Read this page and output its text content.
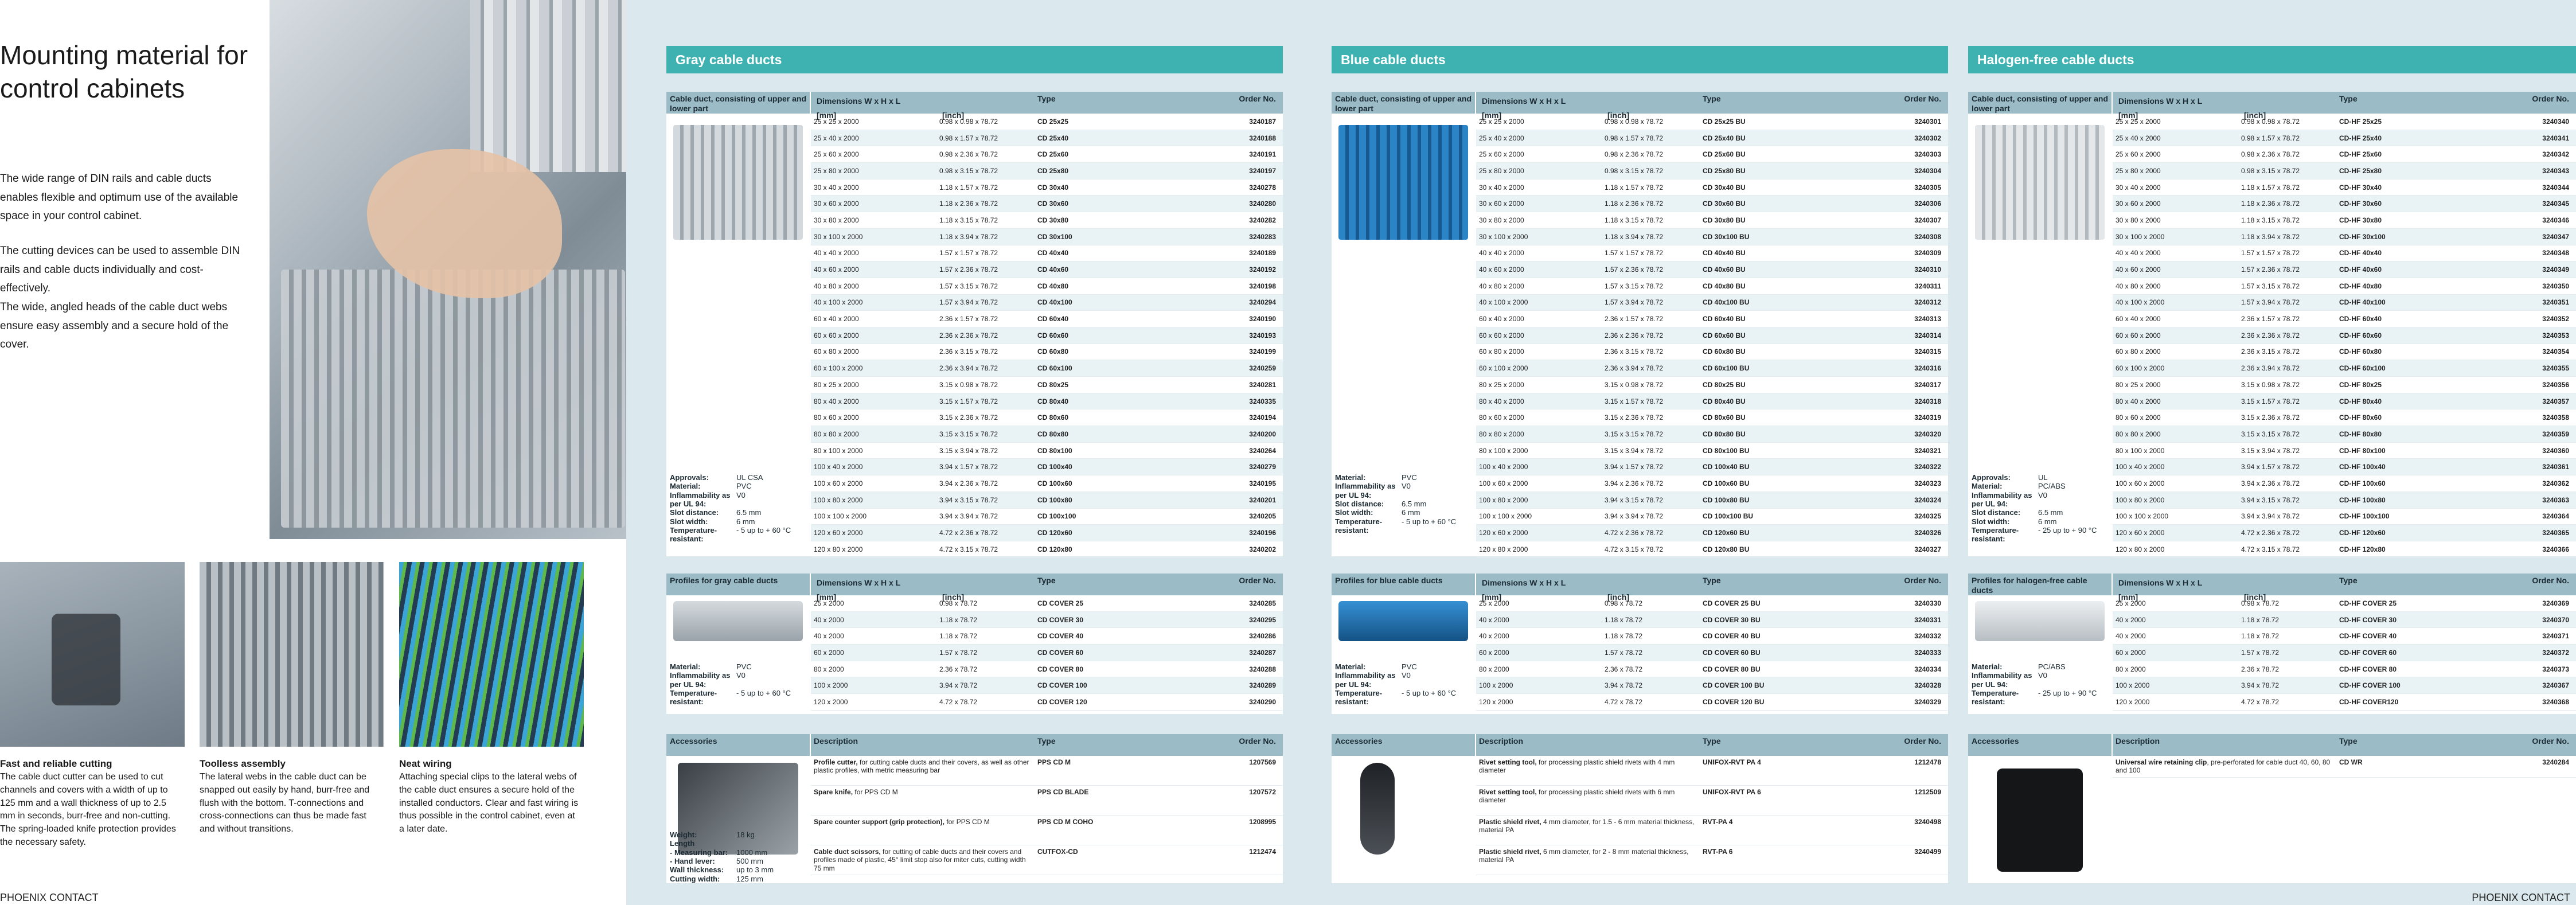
Mounting material for control cabinets

The wide range of DIN rails and cable ducts enables flexible and optimum use of the available space in your control cabinet.

The cutting devices can be used to assemble DIN rails and cable ducts individually and cost-effectively.

The wide, angled heads of the cable duct webs ensure easy assembly and a secure hold of the cover.

Fast and reliable cutting
The cable duct cutter can be used to cut channels and covers with a width of up to 125 mm and a wall thickness of up to 2.5 mm in seconds, burr-free and non-cutting. The spring-loaded knife protection provides the necessary safety.
Toolless assembly
The lateral webs in the cable duct can be snapped out easily by hand, burr-free and flush with the bottom. T-connections and cross-connections can thus be made fast and without transitions.
Neat wiring
Attaching special clips to the lateral webs of the cable duct ensures a secure hold of the installed conductors. Clear and fast wiring is thus possible in the control cabinet, even at a later date.
PHOENIX CONTACT
Gray cable ducts
Cable duct, consisting of upper and lower part
Approvals:	UL CSA
Material:	PVC
Inflammability as per UL 94:
V0
Slot distance:	6.5 mm
Slot width:	6 mm
Temperature-resistant:
- 5 up to + 60 °C
Dimensions W x H x L
[mm]	[inch]
Type	Order No.
25 x 25 x 2000	0.98 x 0.98 x 78.72	CD 25x25	3240187
25 x 40 x 2000	0.98 x 1.57 x 78.72	CD 25x40	3240188
25 x 60 x 2000	0.98 x 2.36 x 78.72	CD 25x60	3240191
25 x 80 x 2000	0.98 x 3.15 x 78.72	CD 25x80	3240197
30 x 40 x 2000	1.18 x 1.57 x 78.72	CD 30x40	3240278
30 x 60 x 2000	1.18 x 2.36 x 78.72	CD 30x60	3240280
30 x 80 x 2000	1.18 x 3.15 x 78.72	CD 30x80	3240282
30 x 100 x 2000	1.18 x 3.94 x 78.72	CD 30x100	3240283
40 x 40 x 2000	1.57 x 1.57 x 78.72	CD 40x40	3240189
40 x 60 x 2000	1.57 x 2.36 x 78.72	CD 40x60	3240192
40 x 80 x 2000	1.57 x 3.15 x 78.72	CD 40x80	3240198
40 x 100 x 2000	1.57 x 3.94 x 78.72	CD 40x100	3240294
60 x 40 x 2000	2.36 x 1.57 x 78.72	CD 60x40	3240190
60 x 60 x 2000	2.36 x 2.36 x 78.72	CD 60x60	3240193
60 x 80 x 2000	2.36 x 3.15 x 78.72	CD 60x80	3240199
60 x 100 x 2000	2.36 x 3.94 x 78.72	CD 60x100	3240259
80 x 25 x 2000	3.15 x 0.98 x 78.72	CD 80x25	3240281
80 x 40 x 2000	3.15 x 1.57 x 78.72	CD 80x40	3240335
80 x 60 x 2000	3.15 x 2.36 x 78.72	CD 80x60	3240194
80 x 80 x 2000	3.15 x 3.15 x 78.72	CD 80x80	3240200
80 x 100 x 2000	3.15 x 3.94 x 78.72	CD 80x100	3240264
100 x 40 x 2000	3.94 x 1.57 x 78.72	CD 100x40	3240279
100 x 60 x 2000	3.94 x 2.36 x 78.72	CD 100x60	3240195
100 x 80 x 2000	3.94 x 3.15 x 78.72	CD 100x80	3240201
100 x 100 x 2000	3.94 x 3.94 x 78.72	CD 100x100	3240205
120 x 60 x 2000	4.72 x 2.36 x 78.72	CD 120x60	3240196
120 x 80 x 2000	4.72 x 3.15 x 78.72	CD 120x80	3240202
Profiles for gray cable ducts
Material:	PVC
Inflammability as per UL 94:
V0
Temperature-resistant:
- 5 up to + 60 °C
Dimensions W x H x L
[mm]	[inch]
Type	Order No.
25 x 2000	0.98 x 78.72	CD COVER 25	3240285
40 x 2000	1.18 x 78.72	CD COVER 30	3240295
40 x 2000	1.18 x 78.72	CD COVER 40	3240286
60 x 2000	1.57 x 78.72	CD COVER 60	3240287
80 x 2000	2.36 x 78.72	CD COVER 80	3240288
100 x 2000	3.94 x 78.72	CD COVER 100	3240289
120 x 2000	4.72 x 78.72	CD COVER 120	3240290
Accessories
Weight:	18 kg
Length
- Measuring bar:	1000 mm
- Hand lever:	500 mm
Wall thickness:	up to 3 mm
Cutting width:	125 mm
Description	Type	Order No.
Profile cutter, for cutting cable ducts and their covers, as well as other plastic profiles, with metric measuring bar
PPS CD M	1207569
Spare knife, for PPS CD M	PPS CD BLADE	1207572
Spare counter support (grip protection), for PPS CD M	PPS CD M COHO	1208995
Cable duct scissors, for cutting of cable ducts and their covers and profiles made of plastic, 45° limit stop also for miter cuts, cutting width 75 mm
CUTFOX-CD	1212474
Blue cable ducts
Cable duct, consisting of upper and lower part
Material:	PVC
Inflammability as per UL 94:
V0
Slot distance:	6.5 mm
Slot width:	6 mm
Temperature-resistant:
- 5 up to + 60 °C
Dimensions W x H x L
[mm]	[inch]
Type	Order No.
25 x 25 x 2000	0.98 x 0.98 x 78.72	CD 25x25 BU	3240301
25 x 40 x 2000	0.98 x 1.57 x 78.72	CD 25x40 BU	3240302
25 x 60 x 2000	0.98 x 2.36 x 78.72	CD 25x60 BU	3240303
25 x 80 x 2000	0.98 x 3.15 x 78.72	CD 25x80 BU	3240304
30 x 40 x 2000	1.18 x 1.57 x 78.72	CD 30x40 BU	3240305
30 x 60 x 2000	1.18 x 2.36 x 78.72	CD 30x60 BU	3240306
30 x 80 x 2000	1.18 x 3.15 x 78.72	CD 30x80 BU	3240307
30 x 100 x 2000	1.18 x 3.94 x 78.72	CD 30x100 BU	3240308
40 x 40 x 2000	1.57 x 1.57 x 78.72	CD 40x40 BU	3240309
40 x 60 x 2000	1.57 x 2.36 x 78.72	CD 40x60 BU	3240310
40 x 80 x 2000	1.57 x 3.15 x 78.72	CD 40x80 BU	3240311
40 x 100 x 2000	1.57 x 3.94 x 78.72	CD 40x100 BU	3240312
60 x 40 x 2000	2.36 x 1.57 x 78.72	CD 60x40 BU	3240313
60 x 60 x 2000	2.36 x 2.36 x 78.72	CD 60x60 BU	3240314
60 x 80 x 2000	2.36 x 3.15 x 78.72	CD 60x80 BU	3240315
60 x 100 x 2000	2.36 x 3.94 x 78.72	CD 60x100 BU	3240316
80 x 25 x 2000	3.15 x 0.98 x 78.72	CD 80x25 BU	3240317
80 x 40 x 2000	3.15 x 1.57 x 78.72	CD 80x40 BU	3240318
80 x 60 x 2000	3.15 x 2.36 x 78.72	CD 80x60 BU	3240319
80 x 80 x 2000	3.15 x 3.15 x 78.72	CD 80x80 BU	3240320
80 x 100 x 2000	3.15 x 3.94 x 78.72	CD 80x100 BU	3240321
100 x 40 x 2000	3.94 x 1.57 x 78.72	CD 100x40 BU	3240322
100 x 60 x 2000	3.94 x 2.36 x 78.72	CD 100x60 BU	3240323
100 x 80 x 2000	3.94 x 3.15 x 78.72	CD 100x80 BU	3240324
100 x 100 x 2000	3.94 x 3.94 x 78.72	CD 100x100 BU	3240325
120 x 60 x 2000	4.72 x 2.36 x 78.72	CD 120x60 BU	3240326
120 x 80 x 2000	4.72 x 3.15 x 78.72	CD 120x80 BU	3240327
Profiles for blue cable ducts
Material:	PVC
Inflammability as per UL 94:
V0
Temperature-resistant:
- 5 up to + 60 °C
Dimensions W x H x L
[mm]	[inch]
Type	Order No.
25 x 2000	0.98 x 78.72	CD COVER 25 BU	3240330
40 x 2000	1.18 x 78.72	CD COVER 30 BU	3240331
40 x 2000	1.18 x 78.72	CD COVER 40 BU	3240332
60 x 2000	1.57 x 78.72	CD COVER 60 BU	3240333
80 x 2000	2.36 x 78.72	CD COVER 80 BU	3240334
100 x 2000	3.94 x 78.72	CD COVER 100 BU	3240328
120 x 2000	4.72 x 78.72	CD COVER 120 BU	3240329
Accessories	Description	Type	Order No.
Rivet setting tool, for processing plastic shield rivets with 4 mm diameter
UNIFOX-RVT PA 4	1212478
Rivet setting tool, for processing plastic shield rivets with 6 mm diameter
UNIFOX-RVT PA 6	1212509
Plastic shield rivet, 4 mm diameter, for 1.5 - 6 mm material thickness, material PA
RVT-PA 4	3240498
Plastic shield rivet, 6 mm diameter, for 2 - 8 mm material thickness, material PA
RVT-PA 6	3240499
PHOENIX CONTACT
Halogen-free cable ducts
Cable duct, consisting of upper and lower part
Approvals:	UL
Material:	PC/ABS
Inflammability as per UL 94:
V0
Slot distance:	6.5 mm
Slot width:	6 mm
Temperature-resistant:
- 25 up to + 90 °C
Dimensions W x H x L
[mm]	[inch]
Type	Order No.
25 x 25 x 2000	0.98 x 0.98 x 78.72	CD-HF 25x25	3240340
25 x 40 x 2000	0.98 x 1.57 x 78.72	CD-HF 25x40	3240341
25 x 60 x 2000	0.98 x 2.36 x 78.72	CD-HF 25x60	3240342
25 x 80 x 2000	0.98 x 3.15 x 78.72	CD-HF 25x80	3240343
30 x 40 x 2000	1.18 x 1.57 x 78.72	CD-HF 30x40	3240344
30 x 60 x 2000	1.18 x 2.36 x 78.72	CD-HF 30x60	3240345
30 x 80 x 2000	1.18 x 3.15 x 78.72	CD-HF 30x80	3240346
30 x 100 x 2000	1.18 x 3.94 x 78.72	CD-HF 30x100	3240347
40 x 40 x 2000	1.57 x 1.57 x 78.72	CD-HF 40x40	3240348
40 x 60 x 2000	1.57 x 2.36 x 78.72	CD-HF 40x60	3240349
40 x 80 x 2000	1.57 x 3.15 x 78.72	CD-HF 40x80	3240350
40 x 100 x 2000	1.57 x 3.94 x 78.72	CD-HF 40x100	3240351
60 x 40 x 2000	2.36 x 1.57 x 78.72	CD-HF 60x40	3240352
60 x 60 x 2000	2.36 x 2.36 x 78.72	CD-HF 60x60	3240353
60 x 80 x 2000	2.36 x 3.15 x 78.72	CD-HF 60x80	3240354
60 x 100 x 2000	2.36 x 3.94 x 78.72	CD-HF 60x100	3240355
80 x 25 x 2000	3.15 x 0.98 x 78.72	CD-HF 80x25	3240356
80 x 40 x 2000	3.15 x 1.57 x 78.72	CD-HF 80x40	3240357
80 x 60 x 2000	3.15 x 2.36 x 78.72	CD-HF 80x60	3240358
80 x 80 x 2000	3.15 x 3.15 x 78.72	CD-HF 80x80	3240359
80 x 100 x 2000	3.15 x 3.94 x 78.72	CD-HF 80x100	3240360
100 x 40 x 2000	3.94 x 1.57 x 78.72	CD-HF 100x40	3240361
100 x 60 x 2000	3.94 x 2.36 x 78.72	CD-HF 100x60	3240362
100 x 80 x 2000	3.94 x 3.15 x 78.72	CD-HF 100x80	3240363
100 x 100 x 2000	3.94 x 3.94 x 78.72	CD-HF 100x100	3240364
120 x 60 x 2000	4.72 x 2.36 x 78.72	CD-HF 120x60	3240365
120 x 80 x 2000	4.72 x 3.15 x 78.72	CD-HF 120x80	3240366
Profiles for halogen-free cable ducts
Material:	PC/ABS
Inflammability as per UL 94:
V0
Temperature-resistant:
- 25 up to + 90 °C
Dimensions W x H x L
[mm]	[inch]
Type	Order No.
25 x 2000	0.98 x 78.72	CD-HF COVER 25	3240369
40 x 2000	1.18 x 78.72	CD-HF COVER 30	3240370
40 x 2000	1.18 x 78.72	CD-HF COVER 40	3240371
60 x 2000	1.57 x 78.72	CD-HF COVER 60	3240372
80 x 2000	2.36 x 78.72	CD-HF COVER 80	3240373
100 x 2000	3.94 x 78.72	CD-HF COVER 100	3240367
120 x 2000	4.72 x 78.72	CD-HF COVER120	3240368
Accessories	Description	Type	Order No.
Universal wire retaining clip, pre-perforated for cable duct 40, 60, 80 and 100
CD WR	3240284
